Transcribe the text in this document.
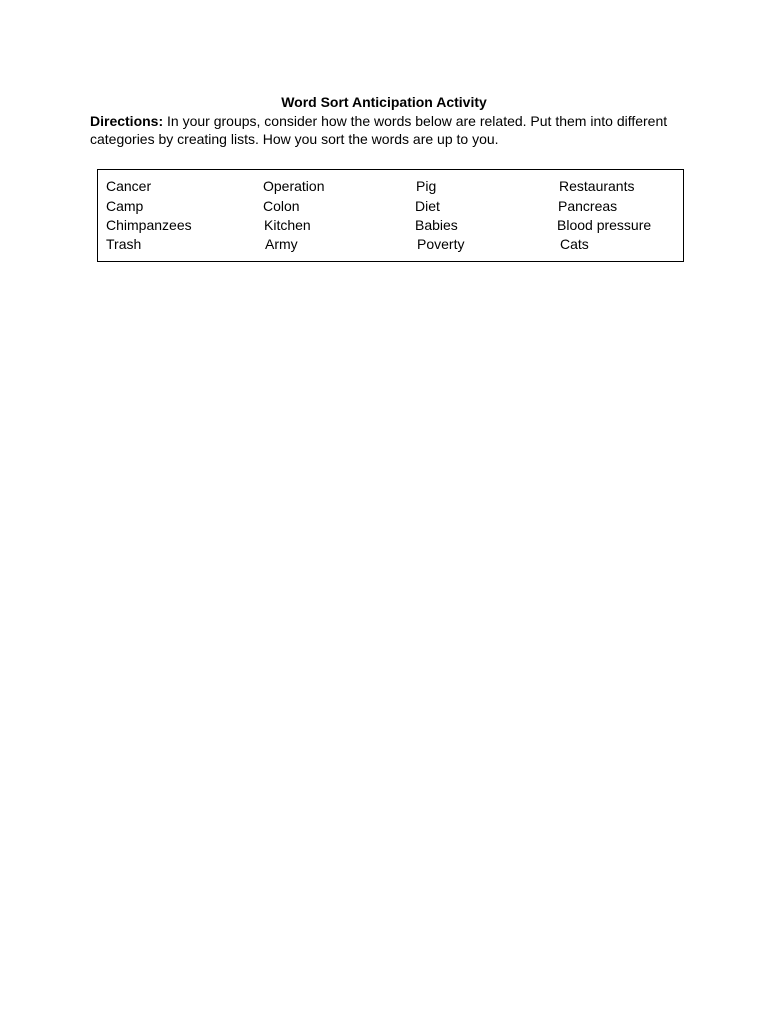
Word Sort Anticipation Activity
Directions: In your groups, consider how the words below are related. Put them into different categories by creating lists. How you sort the words are up to you.
Cancer	Operation	Pig	Restaurants
Camp	Colon	Diet	Pancreas
Chimpanzees	Kitchen	Babies	Blood pressure
Trash	Army	Poverty	Cats
